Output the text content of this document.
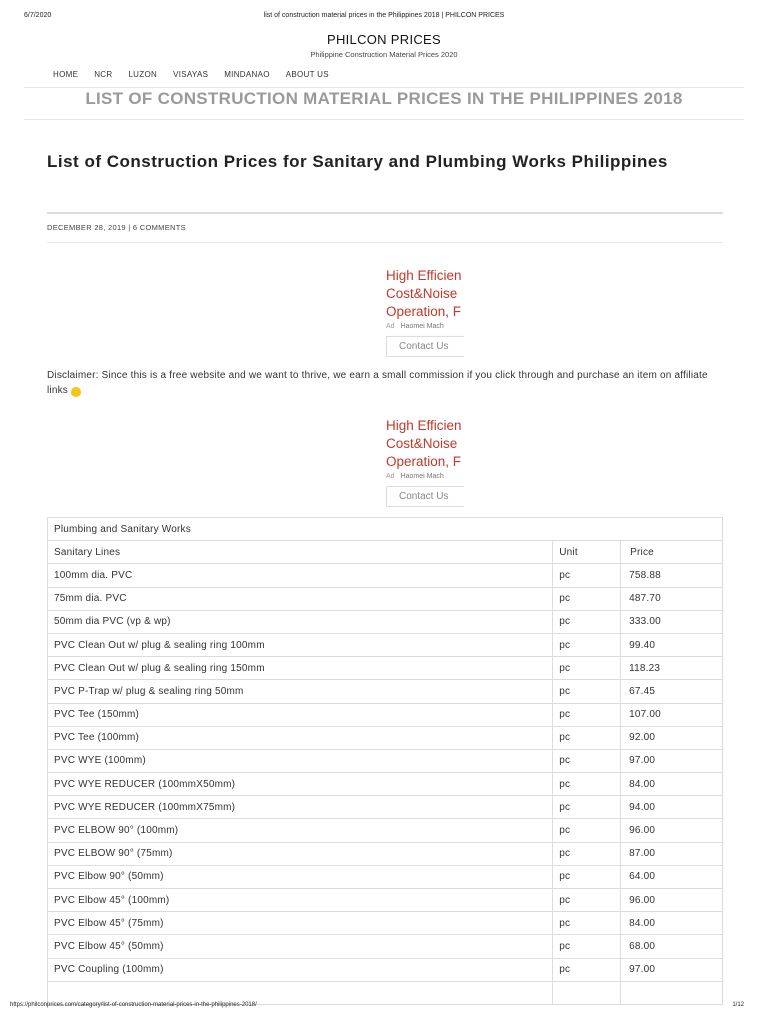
6/7/2020	list of construction material prices in the Philippines 2018 | PHILCON PRICES
PHILCON PRICES
Philippine Construction Material Prices 2020
HOME NCR LUZON VISAYAS MINDANAO ABOUT US
LIST OF CONSTRUCTION MATERIAL PRICES IN THE PHILIPPINES 2018
List of Construction Prices for Sanitary and Plumbing Works Philippines
DECEMBER 28, 2019 | 6 COMMENTS
High Efficien
Cost&Noise
Operation, F
Ad Haomei Mach
Contact Us

Disclaimer: Since this is a free website and we want to thrive, we earn a small commission if you click through and purchase an item on affiliate links

High Efficien
Cost&Noise
Operation, F
Ad Haomei Mach
Contact Us
Plumbing and Sanitary Works		
Sanitary Lines	Unit	Price
100mm dia. PVC	pc	758.88
75mm dia. PVC	pc	487.70
50mm dia PVC (vp & wp)	pc	333.00
PVC Clean Out w/ plug & sealing ring 100mm	pc	99.40
PVC Clean Out w/ plug & sealing ring 150mm	pc	118.23
PVC P-Trap w/ plug & sealing ring 50mm	pc	67.45
PVC Tee (150mm)	pc	107.00
PVC Tee (100mm)	pc	92.00
PVC WYE (100mm)	pc	97.00
PVC WYE REDUCER (100mmX50mm)	pc	84.00
PVC WYE REDUCER (100mmX75mm)	pc	94.00
PVC ELBOW 90° (100mm)	pc	96.00
PVC ELBOW 90° (75mm)	pc	87.00
PVC Elbow 90° (50mm)	pc	64.00
PVC Elbow 45° (100mm)	pc	96.00
PVC Elbow 45° (75mm)	pc	84.00
PVC Elbow 45° (50mm)	pc	68.00
PVC Coupling (100mm)	pc	97.00

https://philconprices.com/category/list-of-construction-material-prices-in-the-philippines-2018/	1/12
